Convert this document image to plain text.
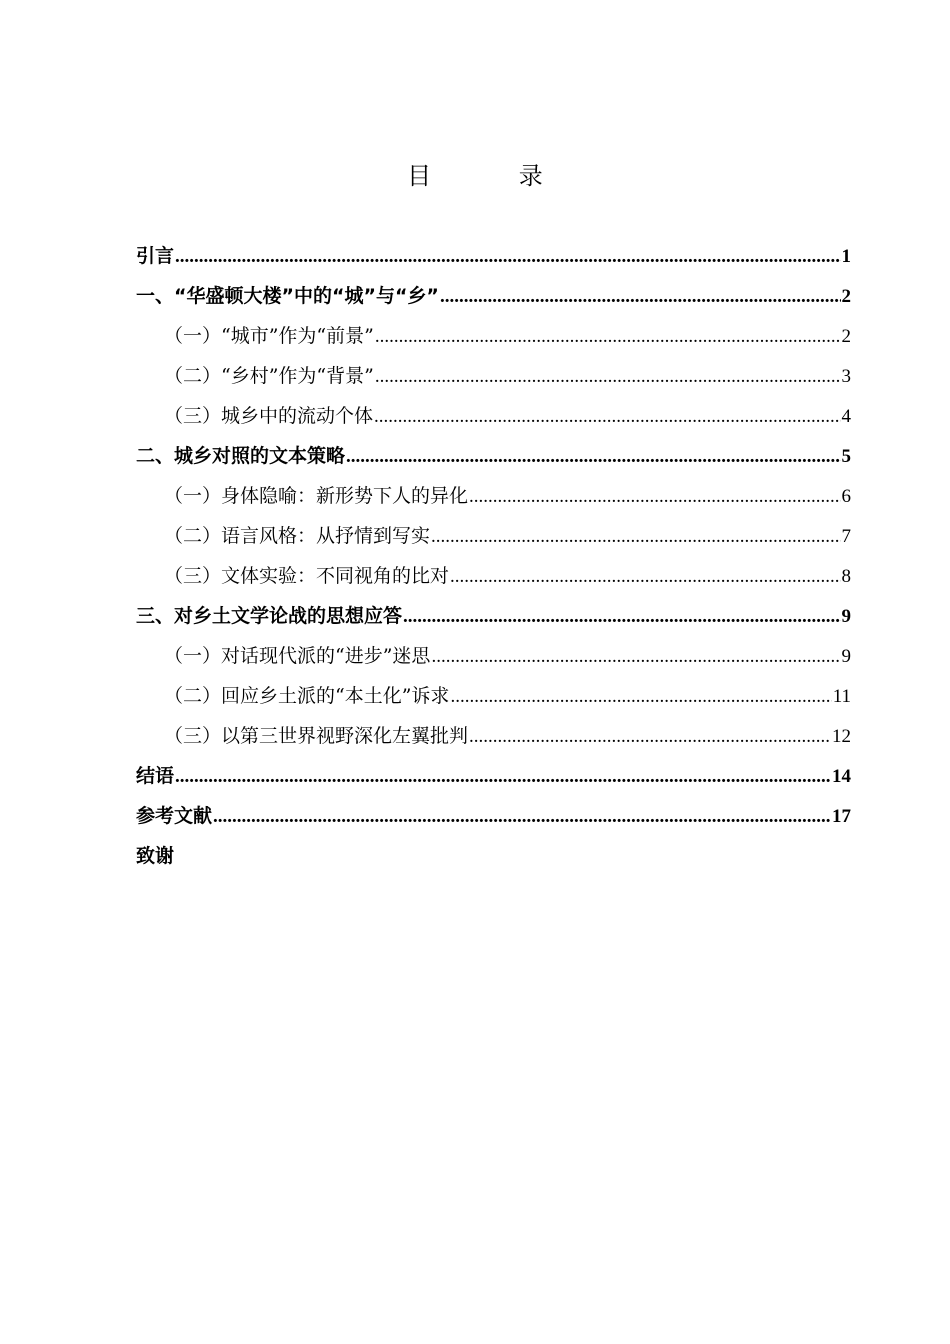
目 录
引言 .....	1
一、“华盛顿大楼”中的“城”与“乡” .....	2
（一）“城市”作为“前景” .....	2
（二）“乡村”作为“背景” .....	3
（三）城乡中的流动个体 .....	4
二、城乡对照的文本策略 .....	5
（一）身体隐喻：新形势下人的异化 .....	6
（二）语言风格：从抒情到写实 .....	7
（三）文体实验：不同视角的比对 .....	8
三、对乡土文学论战的思想应答 .....	9
（一）对话现代派的“进步”迷思 .....	9
（二）回应乡土派的“本土化”诉求 .....	11
（三）以第三世界视野深化左翼批判 .....	12
结语 .....	14
参考文献 .....	17
致谢
